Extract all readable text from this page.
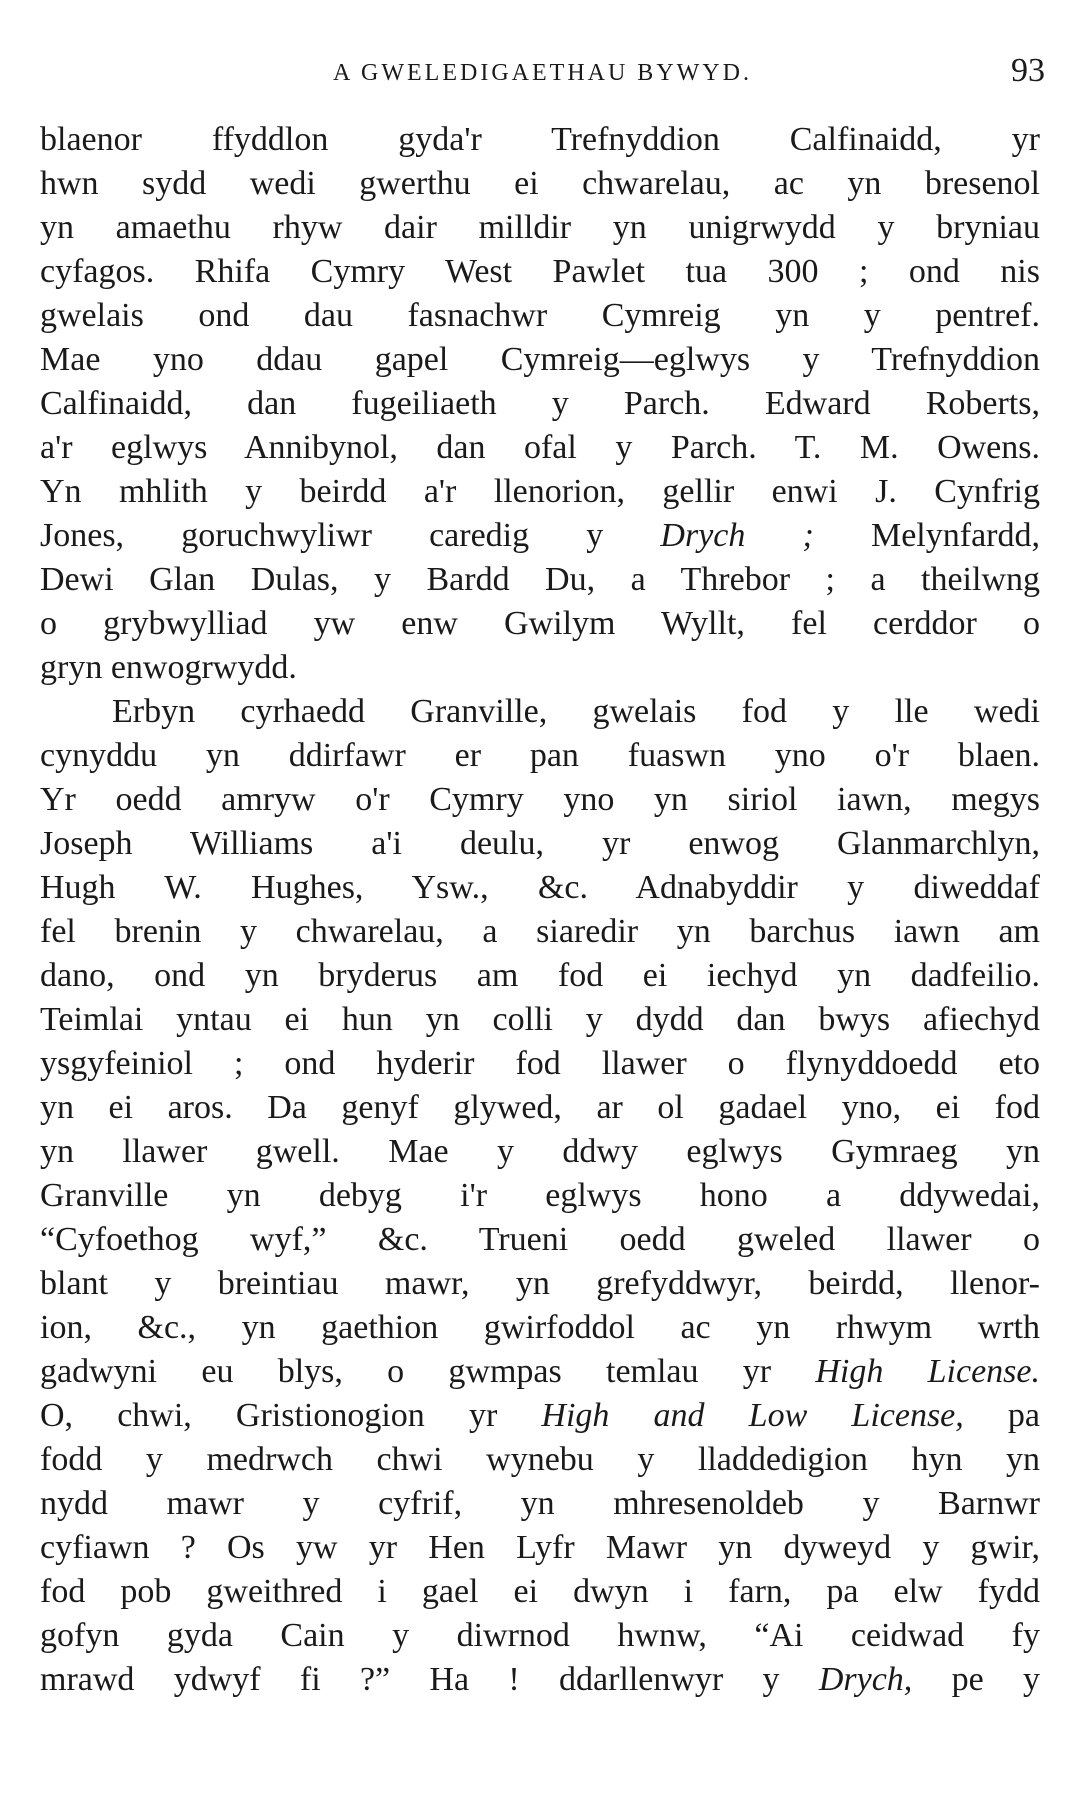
A GWELEDIGAETHAU BYWYD.	93
blaenor ffyddlon gyda'r Trefnyddion Calfinaidd, yr
hwn sydd wedi gwerthu ei chwarelau, ac yn bresenol
yn amaethu rhyw dair milldir yn unigrwydd y bryniau
cyfagos. Rhifa Cymry West Pawlet tua 300 ; ond nis
gwelais ond dau fasnachwr Cymreig yn y pentref.
Mae yno ddau gapel Cymreig—eglwys y Trefnyddion
Calfinaidd, dan fugeiliaeth y Parch. Edward Roberts,
a'r eglwys Annibynol, dan ofal y Parch. T. M. Owens.
Yn mhlith y beirdd a'r llenorion, gellir enwi J. Cynfrig
Jones, goruchwyliwr caredig y Drych ; Melynfardd,
Dewi Glan Dulas, y Bardd Du, a Threbor ; a theilwng
o grybwylliad yw enw Gwilym Wyllt, fel cerddor o
gryn enwogrwydd.
Erbyn cyrhaedd Granville, gwelais fod y lle wedi
cynyddu yn ddirfawr er pan fuaswn yno o'r blaen.
Yr oedd amryw o'r Cymry yno yn siriol iawn, megys
Joseph Williams a'i deulu, yr enwog Glanmarchlyn,
Hugh W. Hughes, Ysw., &c. Adnabyddir y diweddaf
fel brenin y chwarelau, a siaredir yn barchus iawn am
dano, ond yn bryderus am fod ei iechyd yn dadfeilio.
Teimlai yntau ei hun yn colli y dydd dan bwys afiechyd
ysgyfeiniol ; ond hyderir fod llawer o flynyddoedd eto
yn ei aros. Da genyf glywed, ar ol gadael yno, ei fod
yn llawer gwell. Mae y ddwy eglwys Gymraeg yn
Granville yn debyg i'r eglwys hono a ddywedai,
“Cyfoethog wyf,” &c. Trueni oedd gweled llawer o
blant y breintiau mawr, yn grefyddwyr, beirdd, llenor-
ion, &c., yn gaethion gwirfoddol ac yn rhwym wrth
gadwyni eu blys, o gwmpas temlau yr High License.
O, chwi, Gristionogion yr High and Low License, pa
fodd y medrwch chwi wynebu y lladdedigion hyn yn
nydd mawr y cyfrif, yn mhresenoldeb y Barnwr
cyfiawn ? Os yw yr Hen Lyfr Mawr yn dyweyd y gwir,
fod pob gweithred i gael ei dwyn i farn, pa elw fydd
gofyn gyda Cain y diwrnod hwnw, “Ai ceidwad fy
mrawd ydwyf fi ?” Ha ! ddarllenwyr y Drych, pe y
